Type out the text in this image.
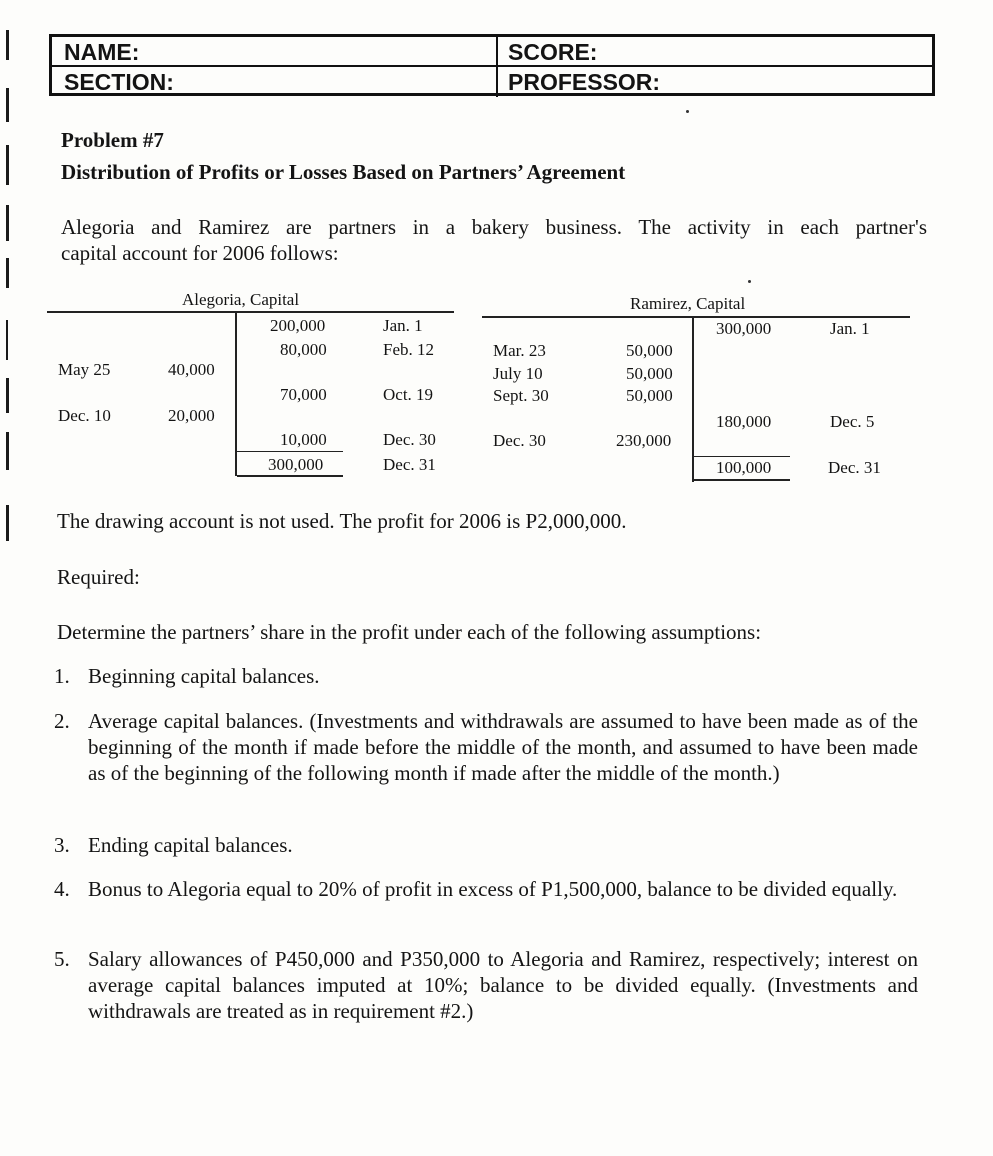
NAME:	SCORE:
SECTION:	PROFESSOR:
Problem #7
Distribution of Profits or Losses Based on Partners’ Agreement
Alegoria and Ramirez are partners in a bakery business. The activity in each partner's
capital account for 2006 follows:
Alegoria, Capital
May 25	40,000
Dec. 10	20,000
200,000	Jan. 1
80,000	Feb. 12
70,000	Oct. 19
10,000	Dec. 30
300,000	Dec. 31
Ramirez, Capital
Mar. 23	50,000
July 10	50,000
Sept. 30	50,000
Dec. 30	230,000
300,000	Jan. 1
180,000	Dec. 5
100,000	Dec. 31
The drawing account is not used. The profit for 2006 is P2,000,000.
Required:
Determine the partners’ share in the profit under each of the following assumptions:
1. Beginning capital balances.
2. Average capital balances. (Investments and withdrawals are assumed to have been made as of the beginning of the month if made before the middle of the month, and assumed to have been made as of the beginning of the following month if made after the middle of the month.)
3. Ending capital balances.
4. Bonus to Alegoria equal to 20% of profit in excess of P1,500,000, balance to be divided equally.
5. Salary allowances of P450,000 and P350,000 to Alegoria and Ramirez, respectively; interest on average capital balances imputed at 10%; balance to be divided equally. (Investments and withdrawals are treated as in requirement #2.)
